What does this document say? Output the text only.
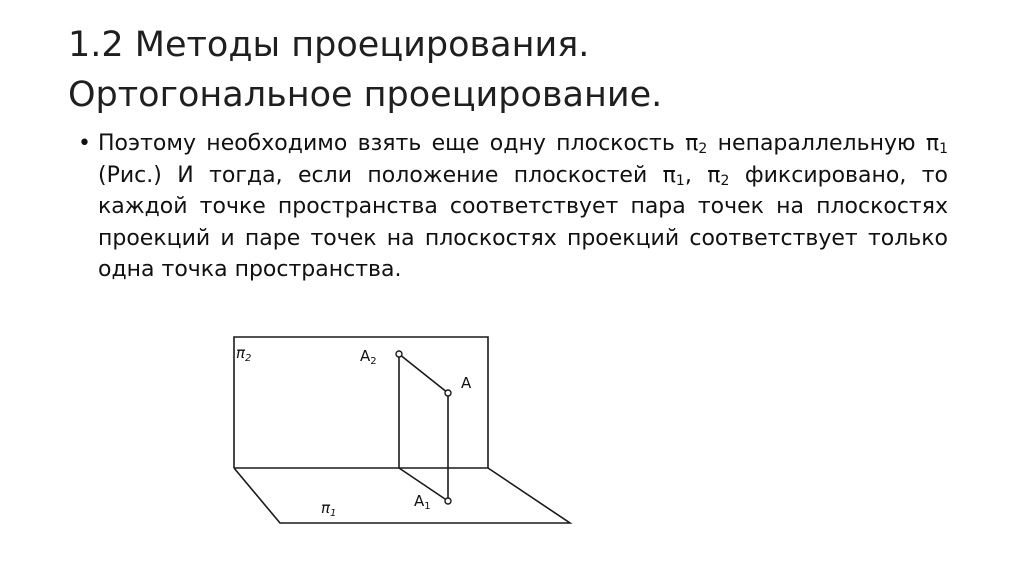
1.2 Методы проецирования.
Ортогональное проецирование.
• Поэтому необходимо взять еще одну плоскость $\pi_2$ непараллельную $\pi_1$ (Рис.) И тогда, если положение плоскостей $\pi_1$, $\pi_2$ фиксировано, то каждой точке пространства соответствует пара точек на плоскостях проекций и паре точек на плоскостях проекций соответствует только одна точка пространства.
$\pi_2$	$A_2$
A
$\pi_1$
$A_1$
